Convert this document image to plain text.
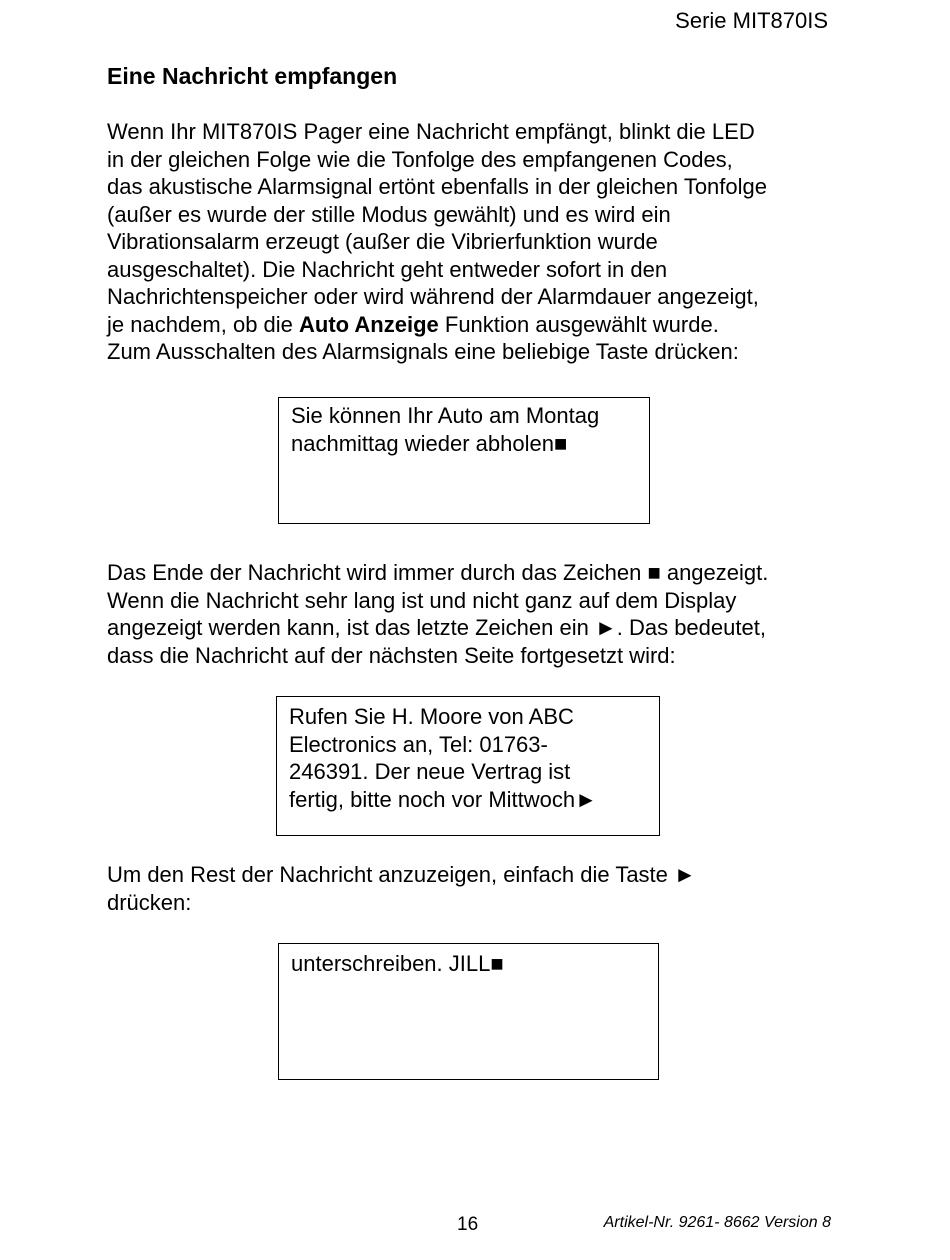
Serie MIT870IS
Eine Nachricht empfangen

Wenn Ihr MIT870IS Pager eine Nachricht empfängt, blinkt die LED
in der gleichen Folge wie die Tonfolge des empfangenen Codes,
das akustische Alarmsignal ertönt ebenfalls in der gleichen Tonfolge
(außer es wurde der stille Modus gewählt) und es wird ein
Vibrationsalarm erzeugt (außer die Vibrierfunktion wurde
ausgeschaltet). Die Nachricht geht entweder sofort in den
Nachrichtenspeicher oder wird während der Alarmdauer angezeigt,
je nachdem, ob die Auto Anzeige Funktion ausgewählt wurde.
Zum Ausschalten des Alarmsignals eine beliebige Taste drücken:

Sie können Ihr Auto am Montag
nachmittag wieder abholen■

Das Ende der Nachricht wird immer durch das Zeichen ■ angezeigt.
Wenn die Nachricht sehr lang ist und nicht ganz auf dem Display
angezeigt werden kann, ist das letzte Zeichen ein ►. Das bedeutet,
dass die Nachricht auf der nächsten Seite fortgesetzt wird:

Rufen Sie H. Moore von ABC
Electronics an, Tel: 01763-
246391. Der neue Vertrag ist
fertig, bitte noch vor Mittwoch►

Um den Rest der Nachricht anzuzeigen, einfach die Taste ►
drücken:

unterschreiben. JILL■
16	Artikel-Nr. 9261- 8662 Version 8
